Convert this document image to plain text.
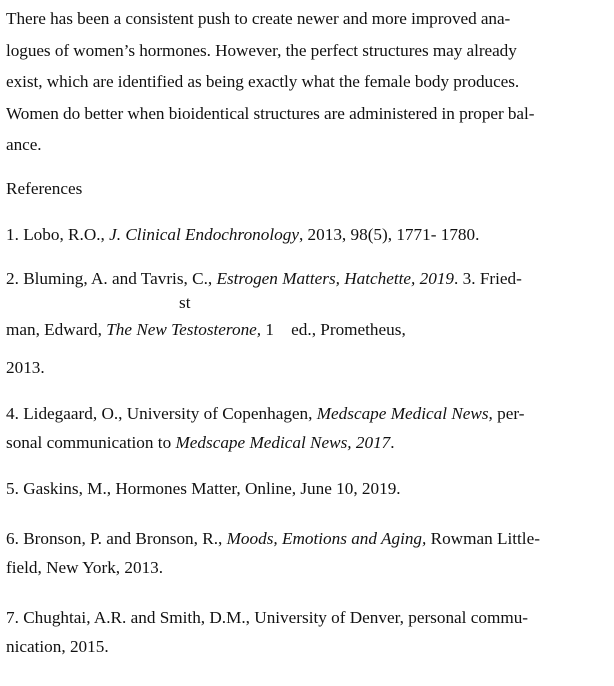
There has been a consistent push to create newer and more improved ana-
logues of women’s hormones. However, the perfect structures may already
exist, which are identified as being exactly what the female body produces.
Women do better when bioidentical structures are administered in proper bal-
ance.
References
1. Lobo, R.O., J. Clinical Endochronology, 2013, 98(5), 1771- 1780.
2. Bluming, A. and Tavris, C., Estrogen Matters, Hatchette, 2019. 3. Fried-
man, Edward, The New Testosterone, 1
st
ed., Prometheus,
2013.
4. Lidegaard, O., University of Copenhagen, Medscape Medical News, per-
sonal communication to Medscape Medical News, 2017.
5. Gaskins, M., Hormones Matter, Online, June 10, 2019.
6. Bronson, P. and Bronson, R., Moods, Emotions and Aging, Rowman Little-
field, New York, 2013.
7. Chughtai, A.R. and Smith, D.M., University of Denver, personal commu-
nication, 2015.
